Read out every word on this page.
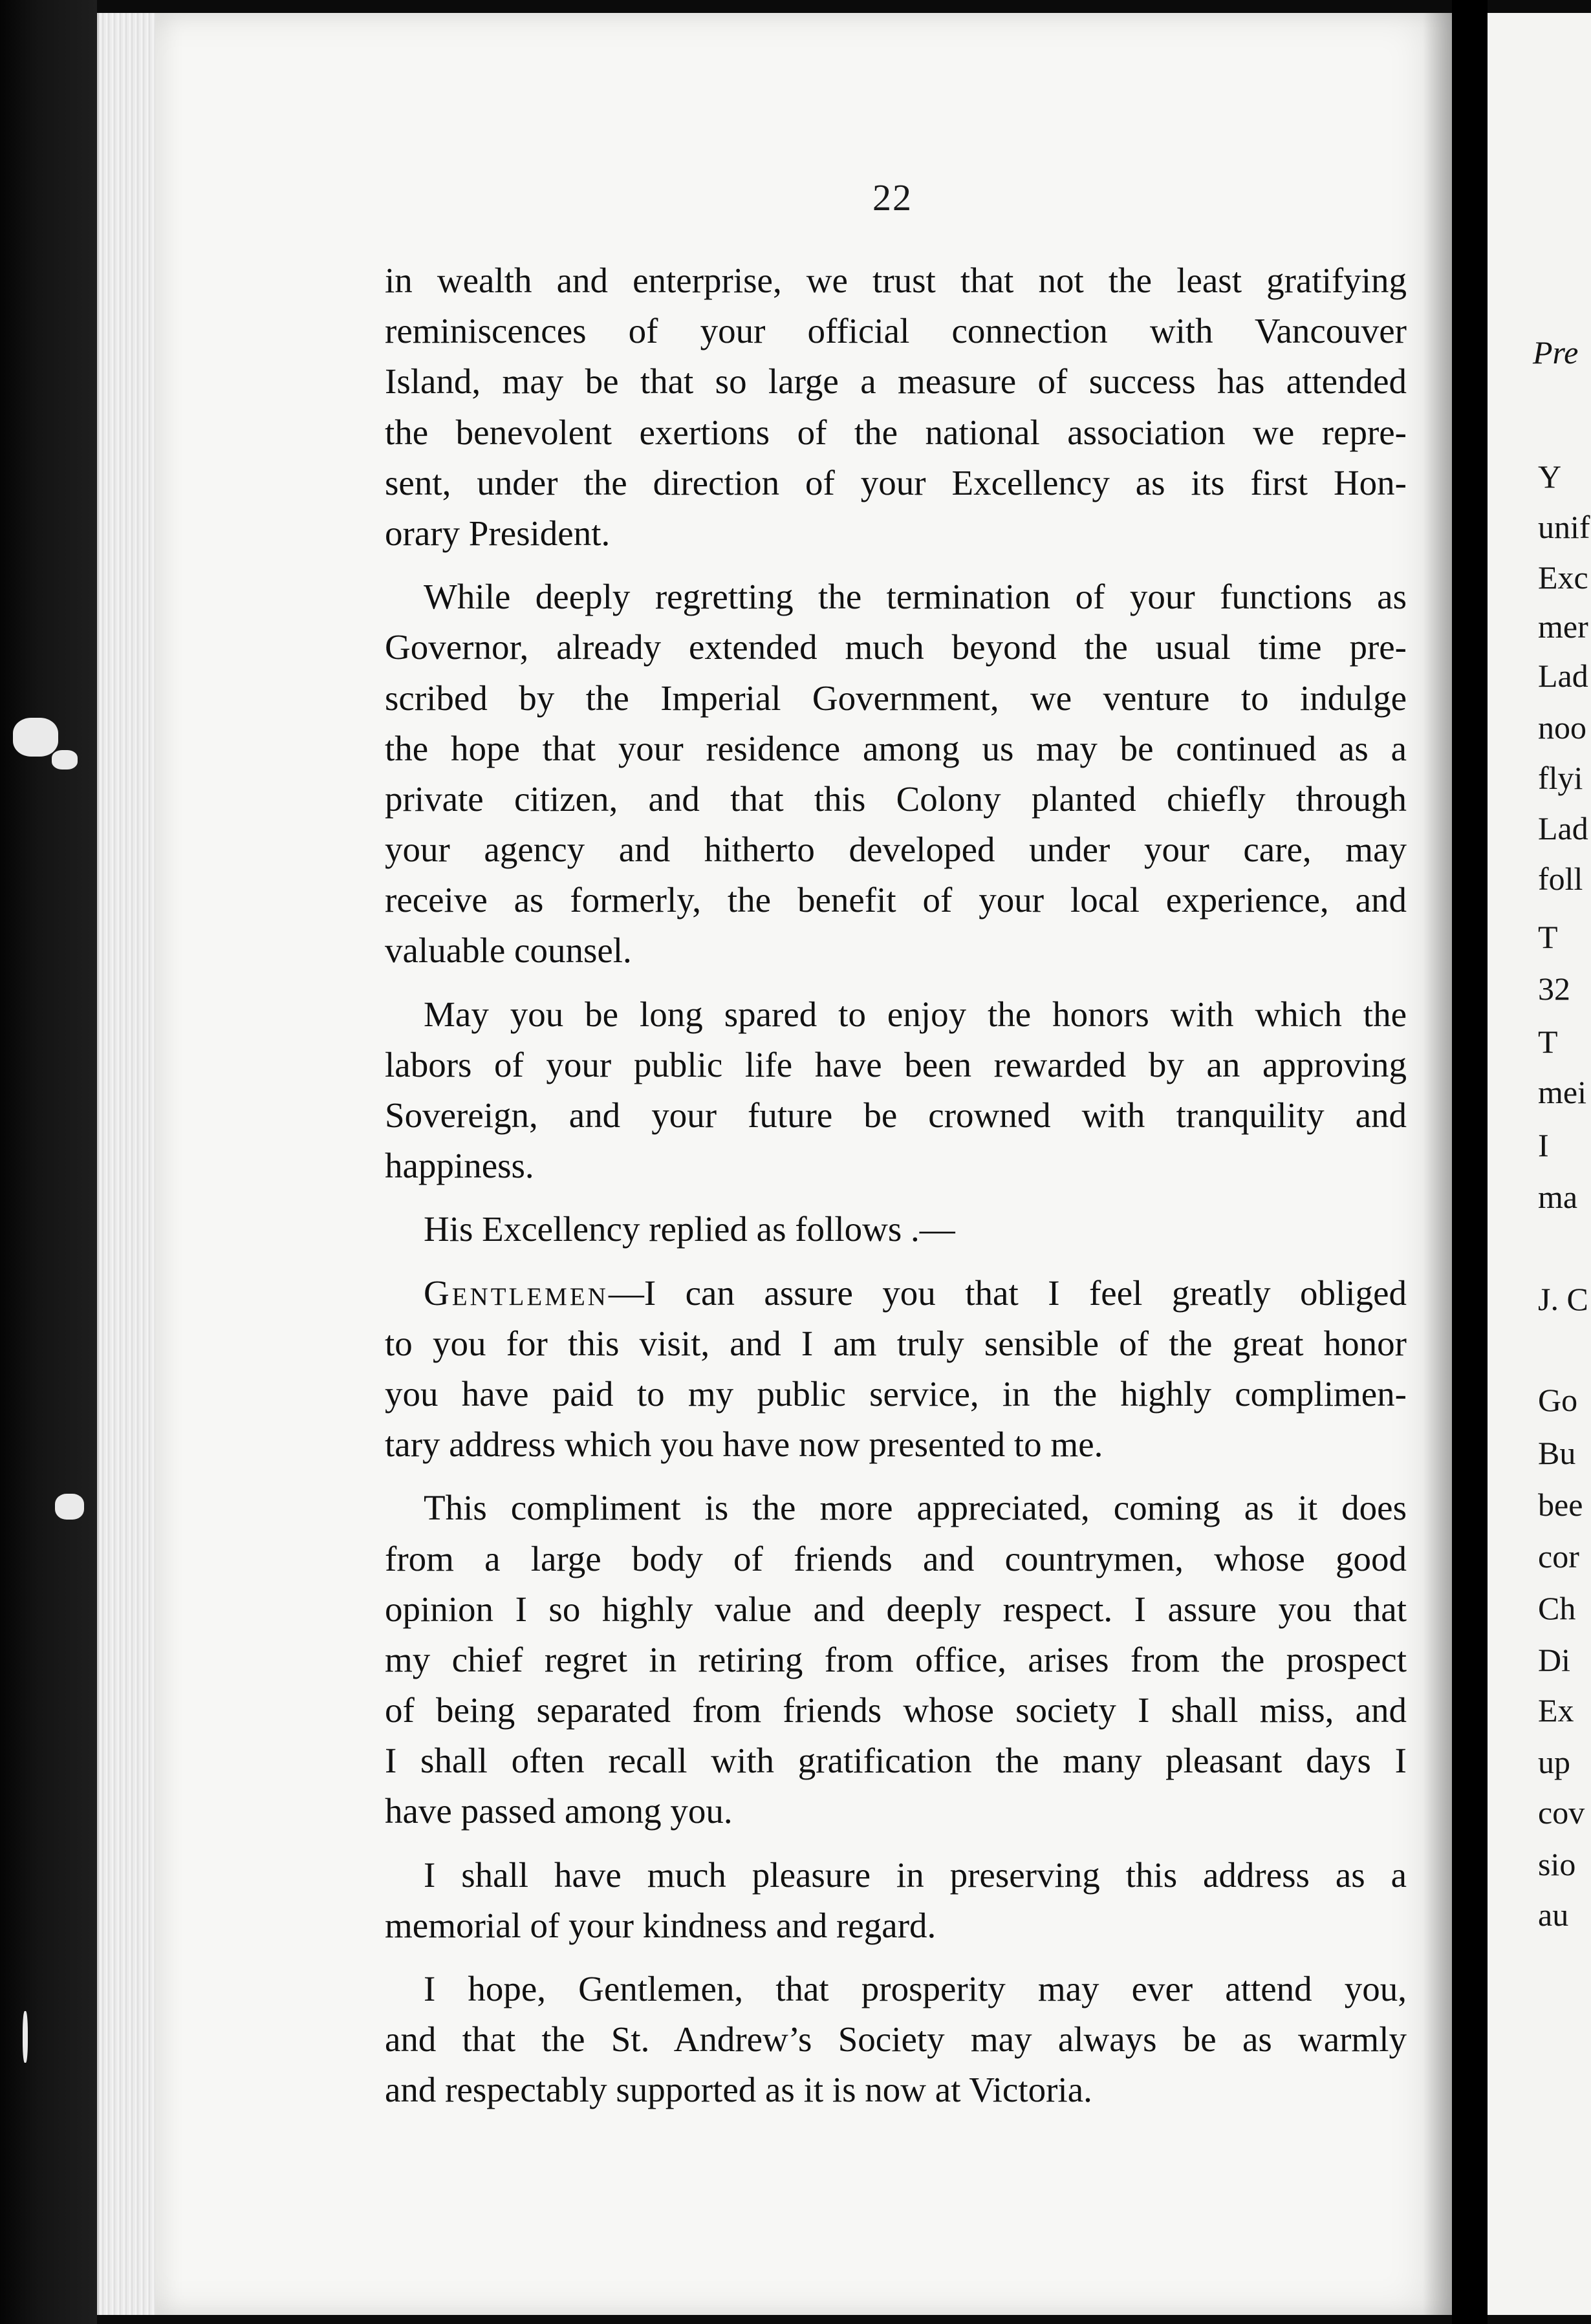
Pre
Y
unif
Exc
mer
Lad
noo
flyi
Lad
foll
T
32
T
mei
I
ma
J. C
Go
Bu
bee
cor
Ch
Di
Ex
up
cov
sio
au
22
in wealth and enterprise, we trust that not the least gratifying
reminiscences of your official connection with Vancouver
Island, may be that so large a measure of success has attended
the benevolent exertions of the national association we repre-
sent, under the direction of your Excellency as its first Hon-
orary President.
While deeply regretting the termination of your functions as
Governor, already extended much beyond the usual time pre-
scribed by the Imperial Government, we venture to indulge
the hope that your residence among us may be continued as a
private citizen, and that this Colony planted chiefly through
your agency and hitherto developed under your care, may
receive as formerly, the benefit of your local experience, and
valuable counsel.
May you be long spared to enjoy the honors with which the
labors of your public life have been rewarded by an approving
Sovereign, and your future be crowned with tranquility and
happiness.
His Excellency replied as follows .—
Gentlemen—I can assure you that I feel greatly obliged
to you for this visit, and I am truly sensible of the great honor
you have paid to my public service, in the highly complimen-
tary address which you have now presented to me.
This compliment is the more appreciated, coming as it does
from a large body of friends and countrymen, whose good
opinion I so highly value and deeply respect. I assure you that
my chief regret in retiring from office, arises from the prospect
of being separated from friends whose society I shall miss, and
I shall often recall with gratification the many pleasant days I
have passed among you.
I shall have much pleasure in preserving this address as a
memorial of your kindness and regard.
I hope, Gentlemen, that prosperity may ever attend you,
and that the St. Andrew’s Society may always be as warmly
and respectably supported as it is now at Victoria.
